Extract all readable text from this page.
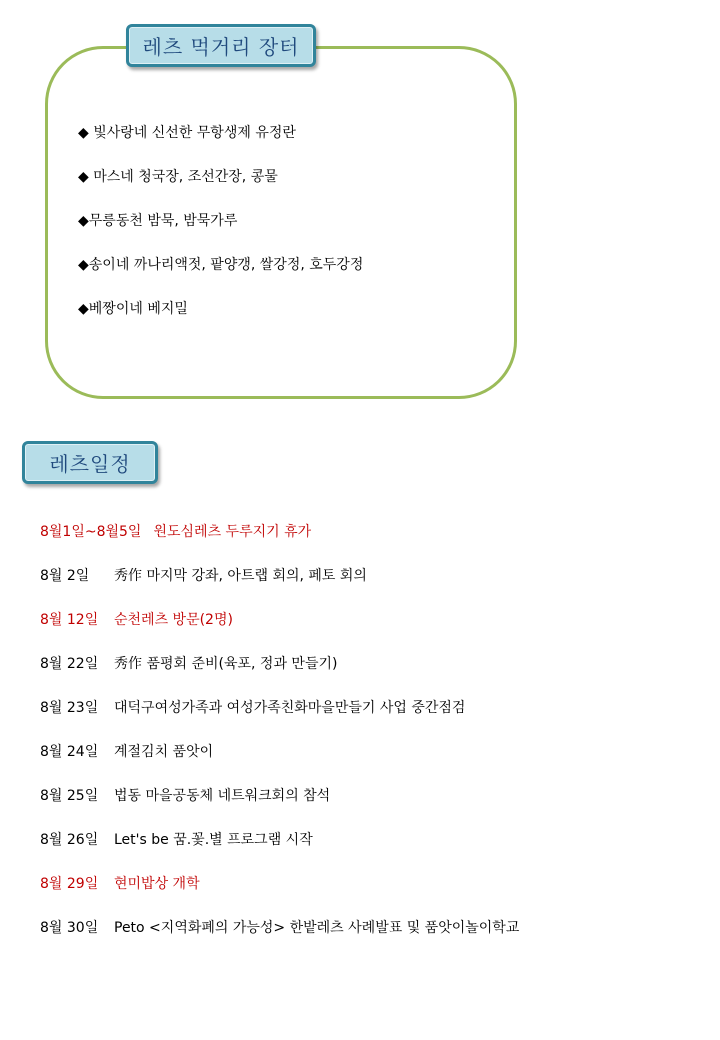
레츠 먹거리 장터
◆ 빛사랑네 신선한 무항생제 유정란
◆ 마스네 청국장, 조선간장, 콩물
◆무릉동천 밤묵, 밤묵가루
◆송이네 까나리액젓, 팥양갱, 쌀강정, 호두강정
◆베짱이네 베지밀
레츠일정
8월1일~8월5일 원도심레츠 두루지기 휴가
8월 2일 秀作 마지막 강좌, 아트랩 회의, 페토 회의
8월 12일 순천레츠 방문(2명)
8월 22일 秀作 품평회 준비(육포, 정과 만들기)
8월 23일 대덕구여성가족과 여성가족친화마을만들기 사업 중간점검
8월 24일 계절김치 품앗이
8월 25일 법동 마을공동체 네트워크회의 참석
8월 26일 Let's be 꿈.꽃.별 프로그램 시작
8월 29일 현미밥상 개학
8월 30일 Peto <지역화폐의 가능성> 한밭레츠 사례발표 및 품앗이놀이학교
